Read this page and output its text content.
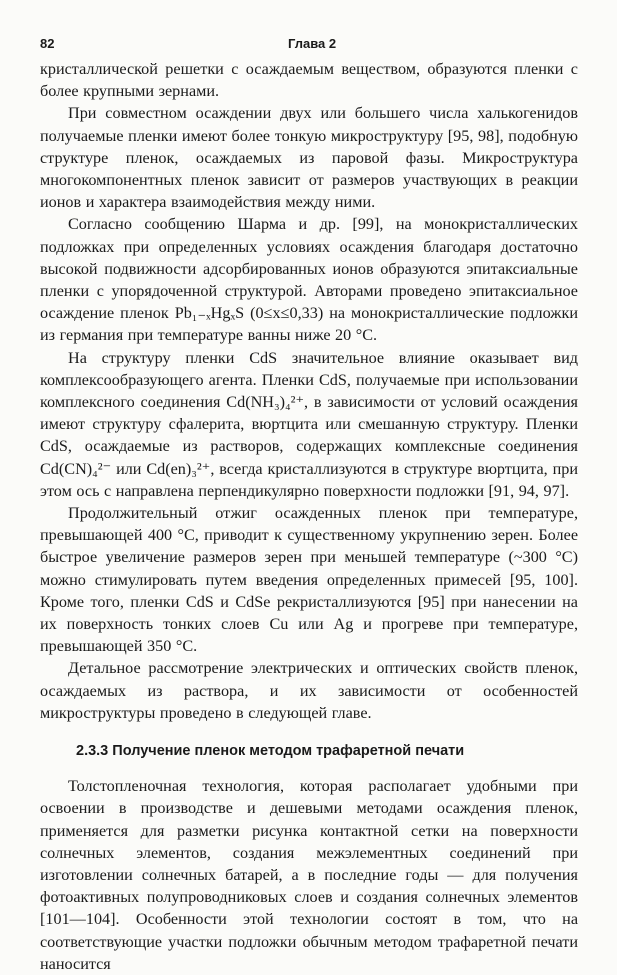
82	Глава 2

кристаллической решетки с осаждаемым веществом, образуются пленки с более крупными зернами.

При совместном осаждении двух или большего числа халькогенидов получаемые пленки имеют более тонкую микроструктуру [95, 98], подобную структуре пленок, осаждаемых из паровой фазы. Микроструктура многокомпонентных пленок зависит от размеров участвующих в реакции ионов и характера взаимодействия между ними.

Согласно сообщению Шарма и др. [99], на монокристаллических подложках при определенных условиях осаждения благодаря достаточно высокой подвижности адсорбированных ионов образуются эпитаксиальные пленки с упорядоченной структурой. Авторами проведено эпитаксиальное осаждение пленок Pb₁₋ₓHgₓS (0≤x≤0,33) на монокристаллические подложки из германия при температуре ванны ниже 20 °С.

На структуру пленки CdS значительное влияние оказывает вид комплексообразующего агента. Пленки CdS, получаемые при использовании комплексного соединения Cd(NH₃)₄²⁺, в зависимости от условий осаждения имеют структуру сфалерита, вюртцита или смешанную структуру. Пленки CdS, осаждаемые из растворов, содержащих комплексные соединения Cd(CN)₄²⁻ или Cd(en)₃²⁺, всегда кристаллизуются в структуре вюртцита, при этом ось c направлена перпендикулярно поверхности подложки [91, 94, 97].

Продолжительный отжиг осажденных пленок при температуре, превышающей 400 °С, приводит к существенному укрупнению зерен. Более быстрое увеличение размеров зерен при меньшей температуре (~300 °С) можно стимулировать путем введения определенных примесей [95, 100]. Кроме того, пленки CdS и CdSe рекристаллизуются [95] при нанесении на их поверхность тонких слоев Cu или Ag и прогреве при температуре, превышающей 350 °С.

Детальное рассмотрение электрических и оптических свойств пленок, осаждаемых из раствора, и их зависимости от особенностей микроструктуры проведено в следующей главе.

2.3.3 Получение пленок методом трафаретной печати

Толстопленочная технология, которая располагает удобными при освоении в производстве и дешевыми методами осаждения пленок, применяется для разметки рисунка контактной сетки на поверхности солнечных элементов, создания межэлементных соединений при изготовлении солнечных батарей, а в последние годы — для получения фотоактивных полупроводниковых слоев и создания солнечных элементов [101—104]. Особенности этой технологии состоят в том, что на соответствующие участки подложки обычным методом трафаретной печати наносится
